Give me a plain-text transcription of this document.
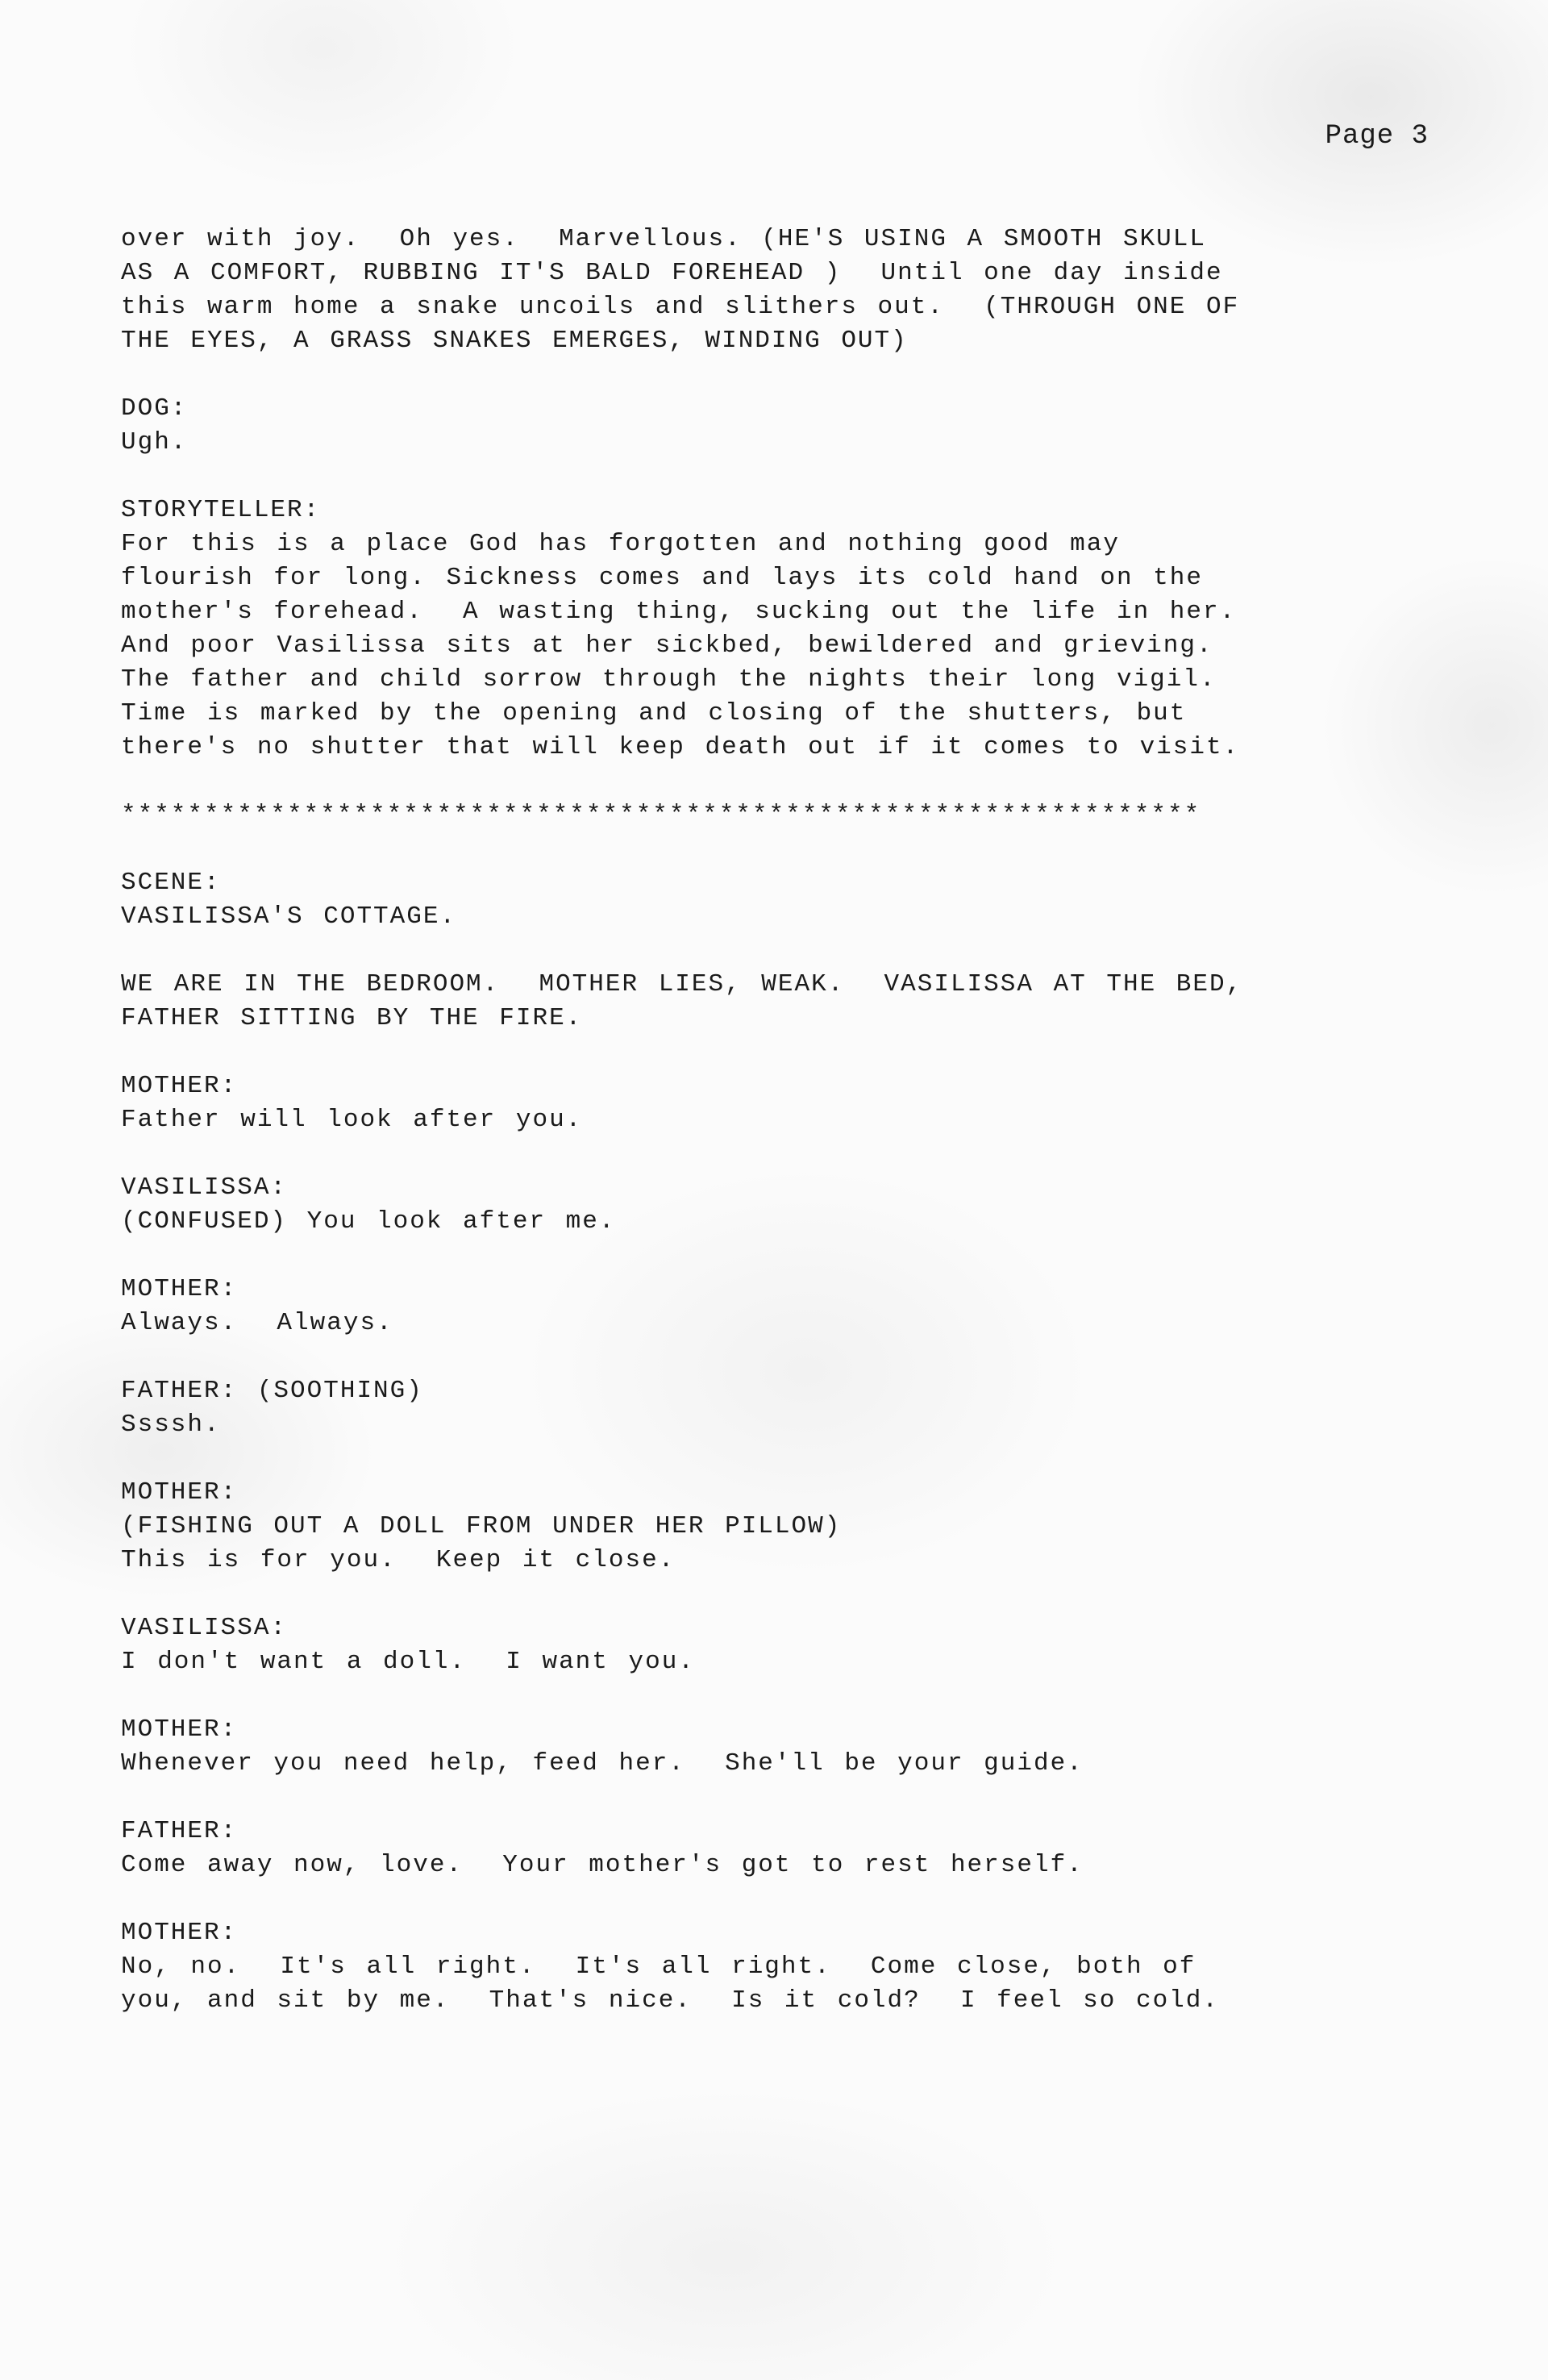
Page 3
over with joy.  Oh yes.  Marvellous. (HE'S USING A SMOOTH SKULL
AS A COMFORT, RUBBING IT'S BALD FOREHEAD )  Until one day inside
this warm home a snake uncoils and slithers out.  (THROUGH ONE OF
THE EYES, A GRASS SNAKES EMERGES, WINDING OUT)
DOG:
Ugh.
STORYTELLER:
For this is a place God has forgotten and nothing good may
flourish for long. Sickness comes and lays its cold hand on the
mother's forehead.  A wasting thing, sucking out the life in her.
And poor Vasilissa sits at her sickbed, bewildered and grieving.
The father and child sorrow through the nights their long vigil.
Time is marked by the opening and closing of the shutters, but
there's no shutter that will keep death out if it comes to visit.
*****************************************************************
SCENE:
VASILISSA'S COTTAGE.
WE ARE IN THE BEDROOM.  MOTHER LIES, WEAK.  VASILISSA AT THE BED,
FATHER SITTING BY THE FIRE.
MOTHER:
Father will look after you.
VASILISSA:
(CONFUSED) You look after me.
MOTHER:
Always.  Always.
FATHER: (SOOTHING)
Ssssh.
MOTHER:
(FISHING OUT A DOLL FROM UNDER HER PILLOW)
This is for you.  Keep it close.
VASILISSA:
I don't want a doll.  I want you.
MOTHER:
Whenever you need help, feed her.  She'll be your guide.
FATHER:
Come away now, love.  Your mother's got to rest herself.
MOTHER:
No, no.  It's all right.  It's all right.  Come close, both of
you, and sit by me.  That's nice.  Is it cold?  I feel so cold.
